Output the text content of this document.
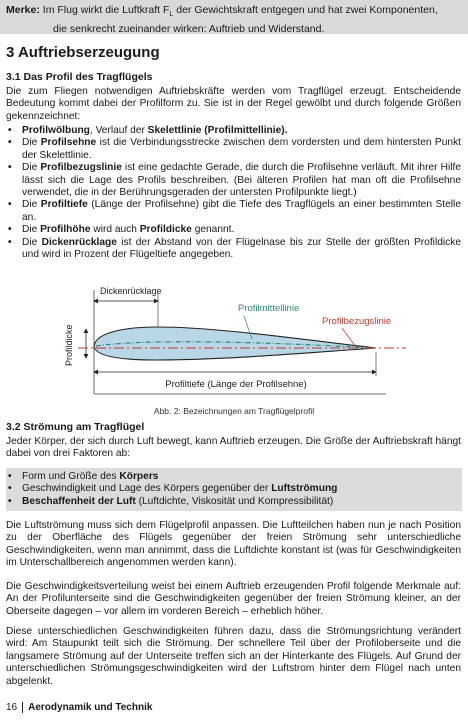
Merke: Im Flug wirkt die Luftkraft $F_L$ der Gewichtskraft entgegen und hat zwei Komponenten,
die senkrecht zueinander wirken: Auftrieb und Widerstand.
3 Auftriebserzeugung
3.1 Das Profil des Tragflügels
Die zum Fliegen notwendigen Auftriebskräfte werden vom Tragflügel erzeugt. Entscheidende Bedeutung kommt dabei der Profilform zu. Sie ist in der Regel gewölbt und durch folgende Größen gekennzeichnet:
• Profilwölbung, Verlauf der Skelettlinie (Profilmittellinie).
• Die Profilsehne ist die Verbindungsstrecke zwischen dem vordersten und dem hintersten Punkt der Skelettlinie.
• Die Profilbezugslinie ist eine gedachte Gerade, die durch die Profilsehne verläuft. Mit ihrer Hilfe lässt sich die Lage des Profils beschreiben. (Bei älteren Profilen hat man oft die Profilsehne verwendet, die in der Berührungsgeraden der untersten Profilpunkte liegt.)
• Die Profiltiefe (Länge der Profilsehne) gibt die Tiefe des Tragflügels an einer bestimmten Stelle an.
• Die Profilhöhe wird auch Profildicke genannt.
• Die Dickenrücklage ist der Abstand von der Flügelnase bis zur Stelle der größten Profildicke und wird in Prozent der Flügeltiefe angegeben.
Dickenrücklage
Profildicke
Profilmittellinie
Profilbezugslinie
Profiltiefe (Länge der Profilsehne)
Abb. 2: Bezeichnungen am Tragflügelprofil
3.2 Strömung am Tragflügel
Jeder Körper, der sich durch Luft bewegt, kann Auftrieb erzeugen. Die Größe der Auftriebskraft hängt dabei von drei Faktoren ab:
• Form und Größe des Körpers
• Geschwindigkeit und Lage des Körpers gegenüber der Luftströmung
• Beschaffenheit der Luft (Luftdichte, Viskosität und Kompressibilität)
Die Luftströmung muss sich dem Flügelprofil anpassen. Die Luftteilchen haben nun je nach Position zu der Oberfläche des Flügels gegenüber der freien Strömung sehr unterschiedliche Geschwindigkeiten, wenn man annimmt, dass die Luftdichte konstant ist (was für Geschwindigkeiten im Unterschallbereich angenommen werden kann).
Die Geschwindigkeitsverteilung weist bei einem Auftrieb erzeugenden Profil folgende Merkmale auf: An der Profilunterseite sind die Geschwindigkeiten gegenüber der freien Strömung kleiner, an der Oberseite dagegen – vor allem im vorderen Bereich – erheblich höher.
Diese unterschiedlichen Geschwindigkeiten führen dazu, dass die Strömungsrichtung verändert wird: Am Staupunkt teilt sich die Strömung. Der schnellere Teil über der Profiloberseite und die langsamere Strömung auf der Unterseite treffen sich an der Hinterkante des Flügels. Auf Grund der unterschiedlichen Strömungsgeschwindigkeiten wird der Luftstrom hinter dem Flügel nach unten abgelenkt.
16 Aerodynamik und Technik
